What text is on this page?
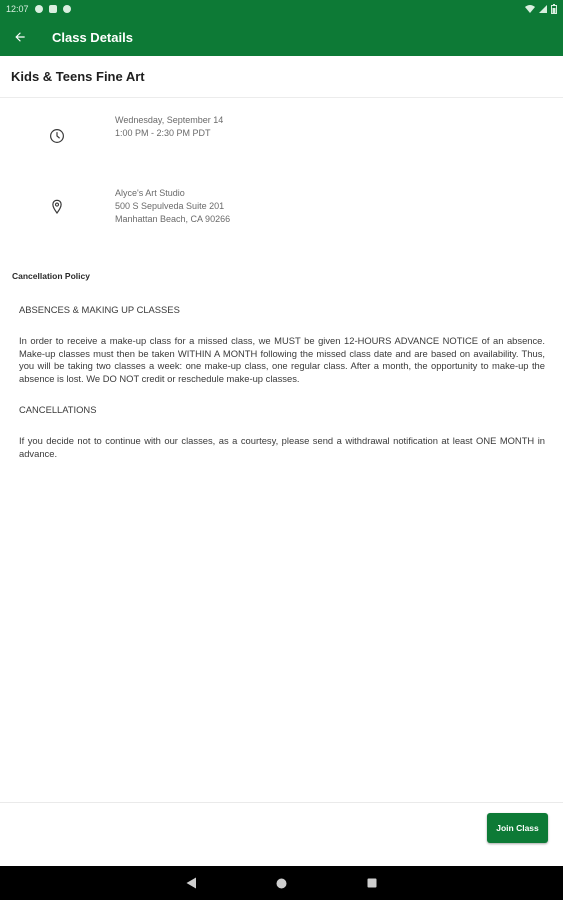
12:07
Class Details
Kids & Teens Fine Art
Wednesday, September 14
1:00 PM - 2:30 PM PDT
Alyce's Art Studio
500 S Sepulveda Suite 201
Manhattan Beach, CA 90266
Cancellation Policy
ABSENCES & MAKING UP CLASSES
In order to receive a make-up class for a missed class, we MUST be given 12-HOURS ADVANCE NOTICE of an absence. Make-up classes must then be taken WITHIN A MONTH following the missed class date and are based on availability. Thus, you will be taking two classes a week: one make-up class, one regular class. After a month, the opportunity to make-up the absence is lost. We DO NOT credit or reschedule make-up classes.
CANCELLATIONS
If you decide not to continue with our classes, as a courtesy, please send a withdrawal notification at least ONE MONTH in advance.
Join Class
